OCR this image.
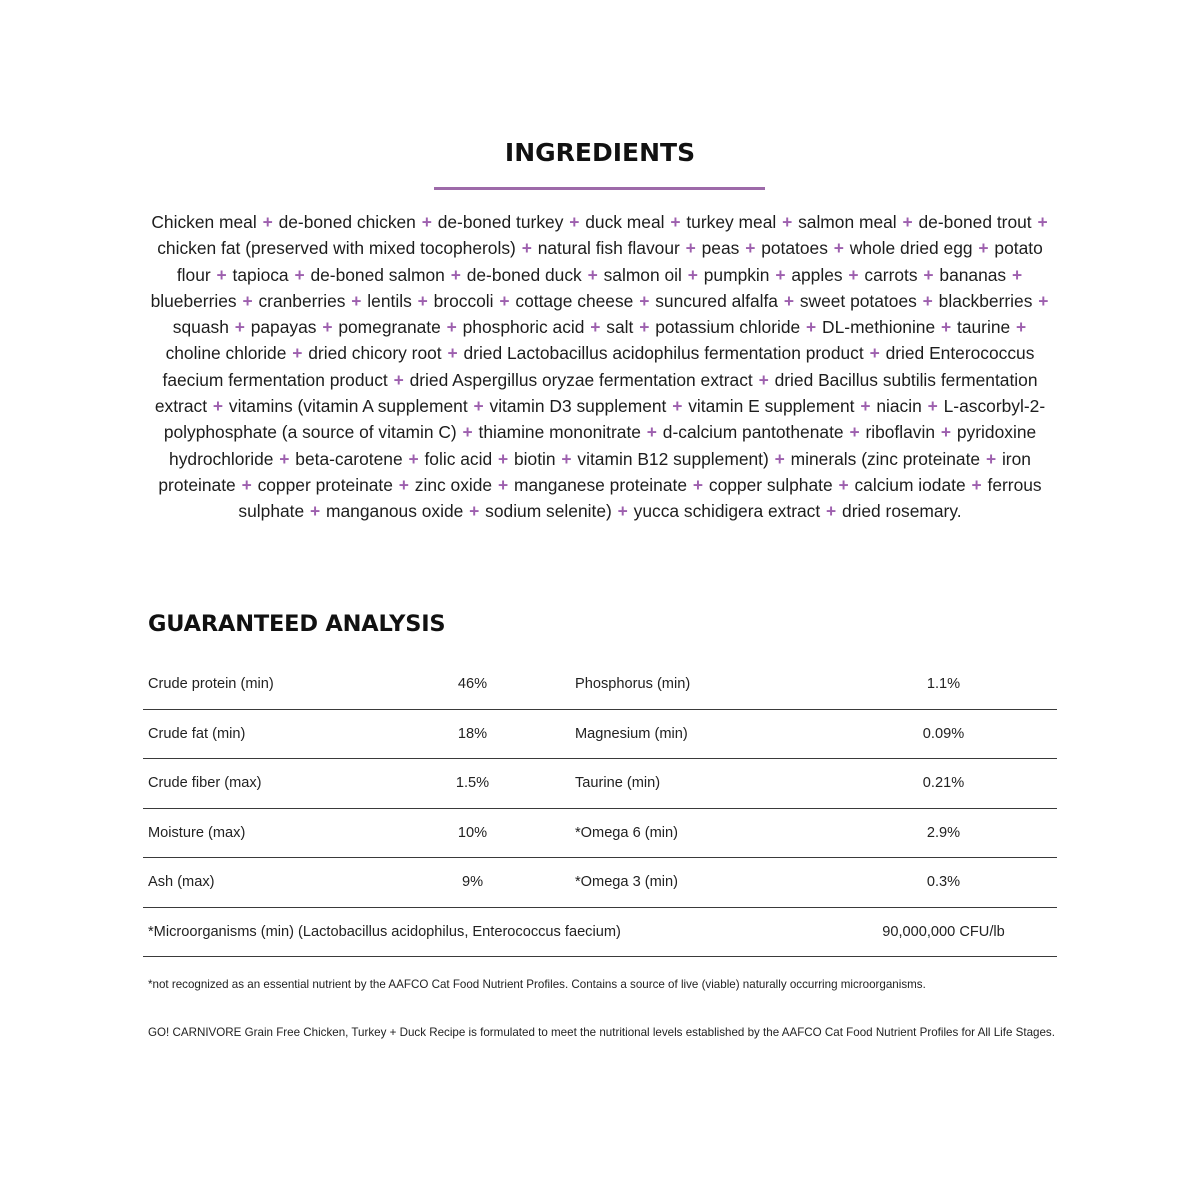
INGREDIENTS

Chicken meal + de-boned chicken + de-boned turkey + duck meal + turkey meal + salmon meal + de-boned trout + chicken fat (preserved with mixed tocopherols) + natural fish flavour + peas + potatoes + whole dried egg + potato flour + tapioca + de-boned salmon + de-boned duck + salmon oil + pumpkin + apples + carrots + bananas + blueberries + cranberries + lentils + broccoli + cottage cheese + suncured alfalfa + sweet potatoes + blackberries + squash + papayas + pomegranate + phosphoric acid + salt + potassium chloride + DL-methionine + taurine + choline chloride + dried chicory root + dried Lactobacillus acidophilus fermentation product + dried Enterococcus faecium fermentation product + dried Aspergillus oryzae fermentation extract + dried Bacillus subtilis fermentation extract + vitamins (vitamin A supplement + vitamin D3 supplement + vitamin E supplement + niacin + L-ascorbyl-2-polyphosphate (a source of vitamin C) + thiamine mononitrate + d-calcium pantothenate + riboflavin + pyridoxine hydrochloride + beta-carotene + folic acid + biotin + vitamin B12 supplement) + minerals (zinc proteinate + iron proteinate + copper proteinate + zinc oxide + manganese proteinate + copper sulphate + calcium iodate + ferrous sulphate + manganous oxide + sodium selenite) + yucca schidigera extract + dried rosemary.

GUARANTEED ANALYSIS
Crude protein (min)	46%		Phosphorus (min)	1.1%
Crude fat (min)	18%		Magnesium (min)	0.09%
Crude fiber (max)	1.5%		Taurine (min)	0.21%
Moisture (max)	10%		*Omega 6 (min)	2.9%
Ash (max)	9%		*Omega 3 (min)	0.3%
*Microorganisms (min) (Lactobacillus acidophilus, Enterococcus faecium)				90,000,000 CFU/lb

*not recognized as an essential nutrient by the AAFCO Cat Food Nutrient Profiles. Contains a source of live (viable) naturally occurring microorganisms.

GO! CARNIVORE Grain Free Chicken, Turkey + Duck Recipe is formulated to meet the nutritional levels established by the AAFCO Cat Food Nutrient Profiles for All Life Stages.
